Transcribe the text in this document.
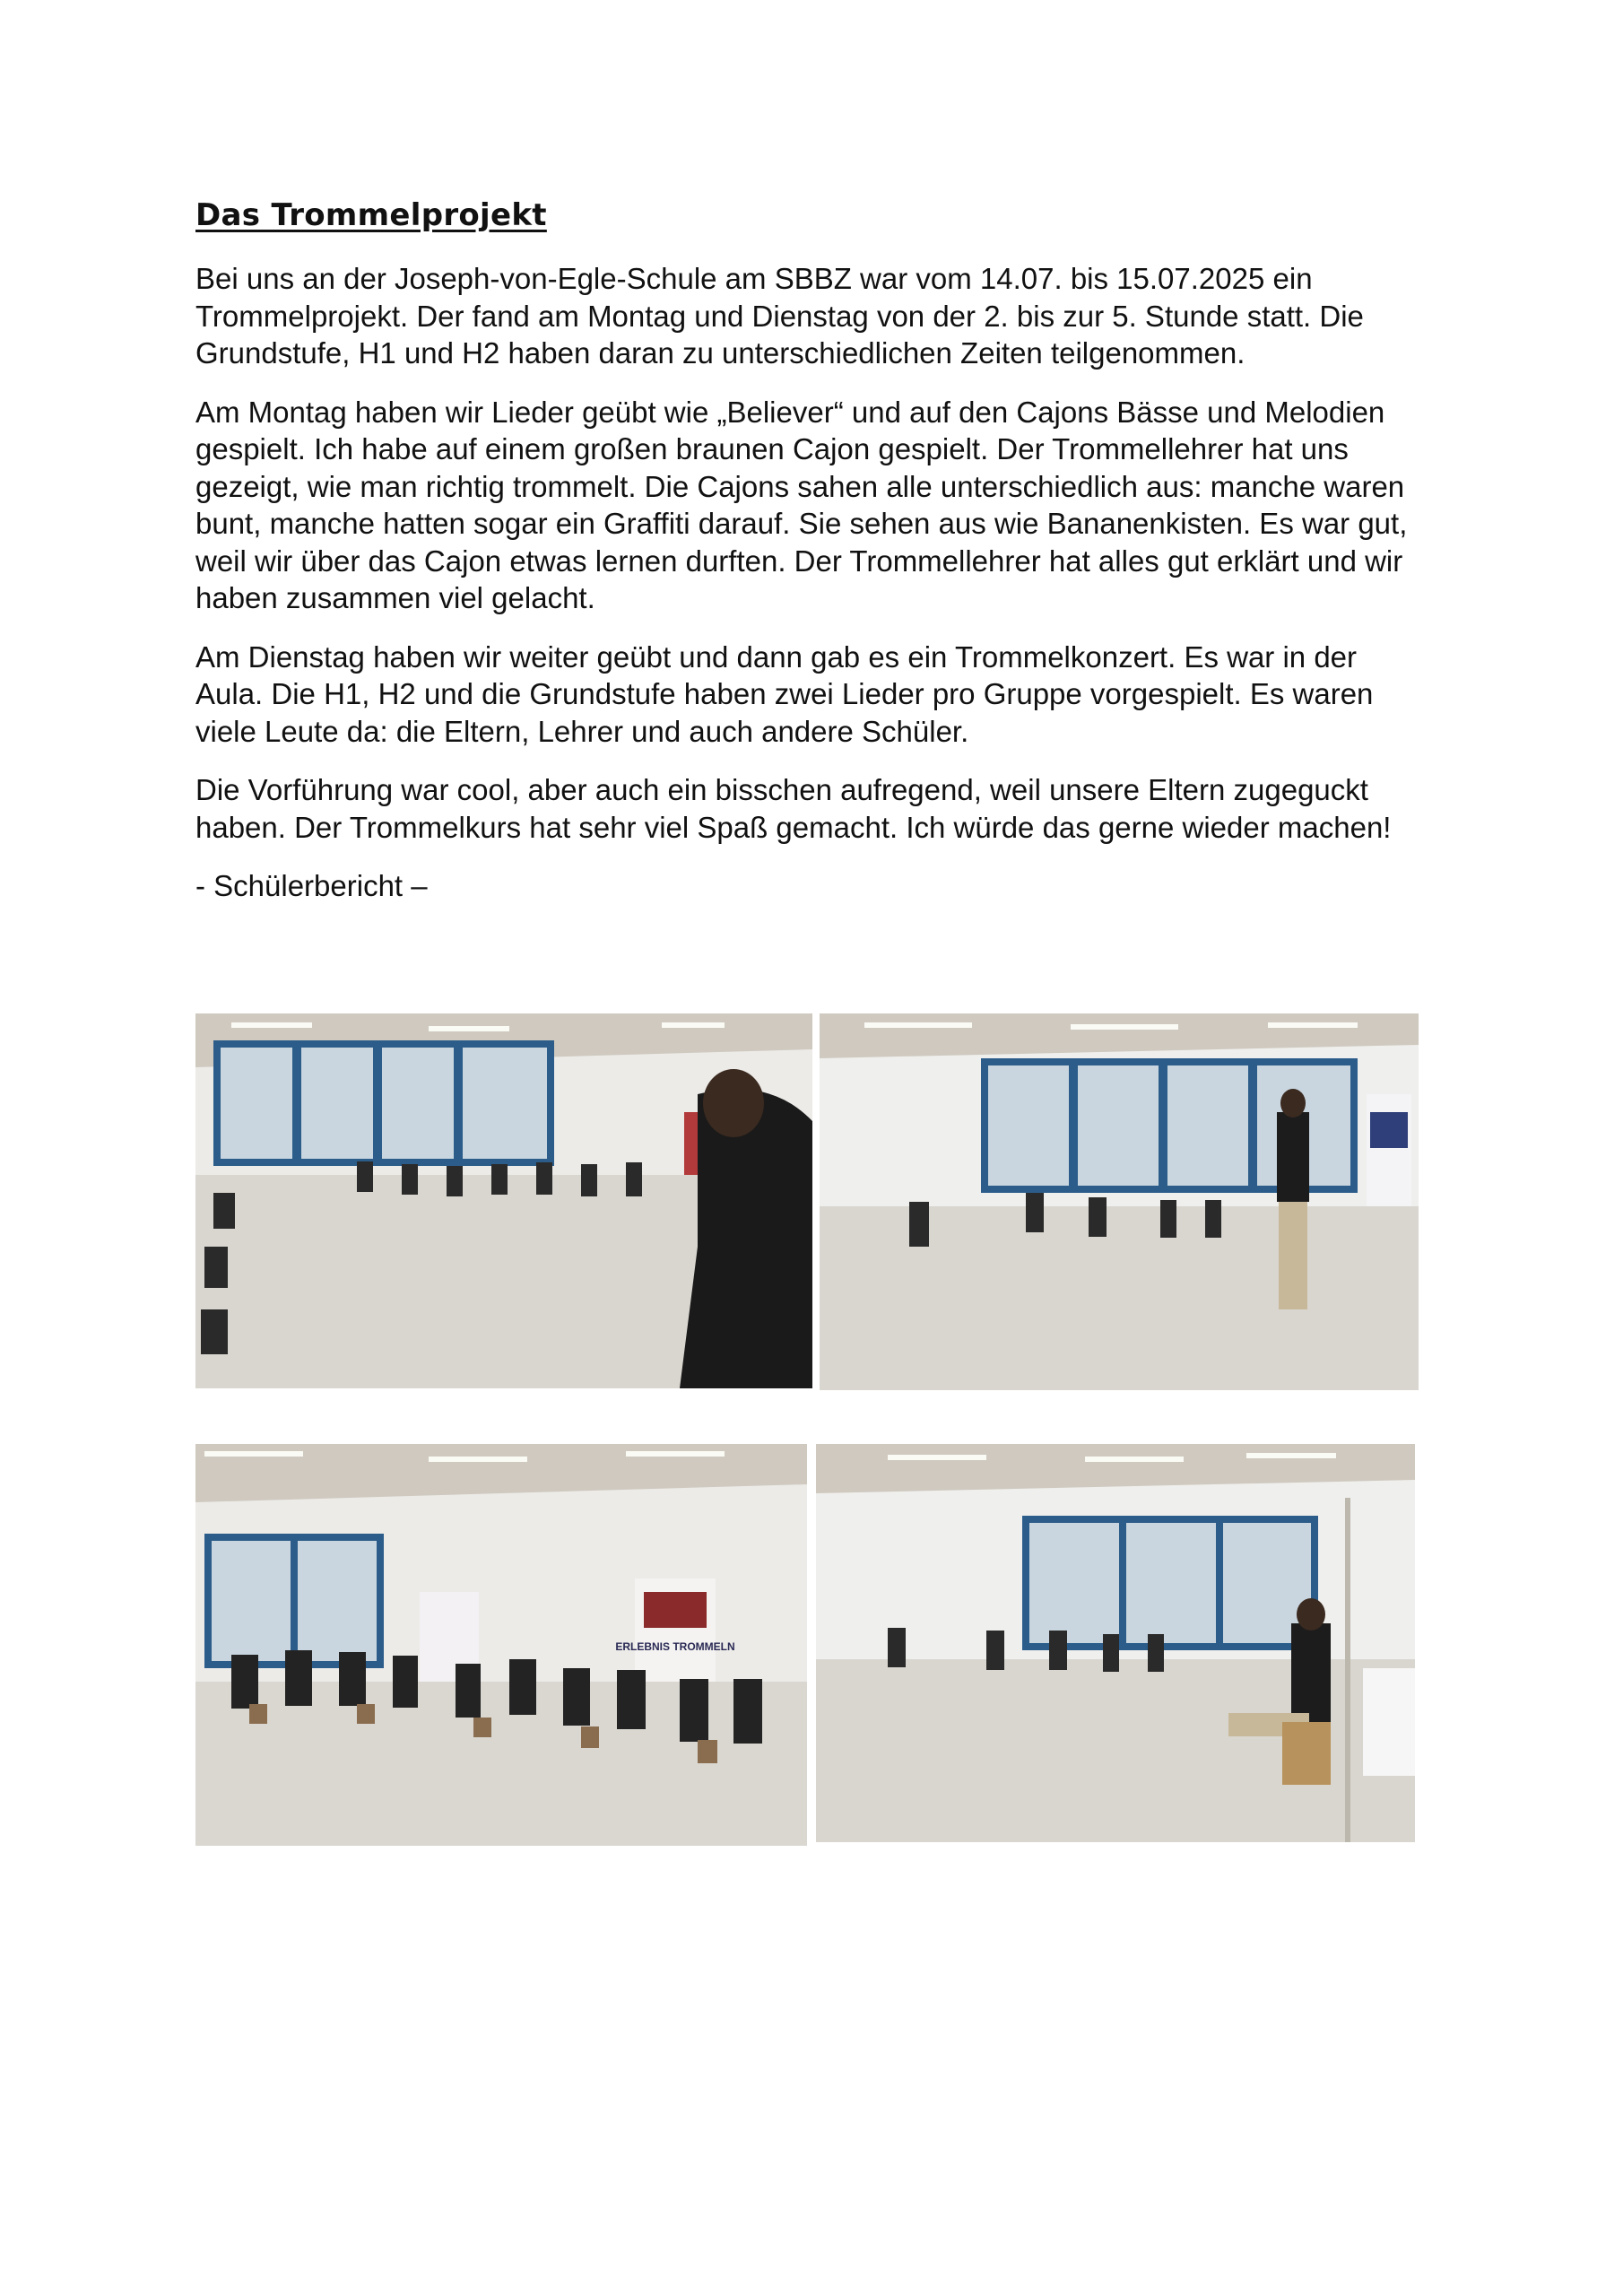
Das Trommelprojekt

Bei uns an der Joseph-von-Egle-Schule am SBBZ war vom 14.07. bis 15.07.2025 ein
Trommelprojekt. Der fand am Montag und Dienstag von der 2. bis zur 5. Stunde statt. Die
Grundstufe, H1 und H2 haben daran zu unterschiedlichen Zeiten teilgenommen.

Am Montag haben wir Lieder geübt wie „Believer“ und auf den Cajons Bässe und Melodien
gespielt. Ich habe auf einem großen braunen Cajon gespielt. Der Trommellehrer hat uns
gezeigt, wie man richtig trommelt. Die Cajons sahen alle unterschiedlich aus: manche waren
bunt, manche hatten sogar ein Graffiti darauf. Sie sehen aus wie Bananenkisten. Es war gut,
weil wir über das Cajon etwas lernen durften. Der Trommellehrer hat alles gut erklärt und wir
haben zusammen viel gelacht.

Am Dienstag haben wir weiter geübt und dann gab es ein Trommelkonzert. Es war in der
Aula. Die H1, H2 und die Grundstufe haben zwei Lieder pro Gruppe vorgespielt. Es waren
viele Leute da: die Eltern, Lehrer und auch andere Schüler.

Die Vorführung war cool, aber auch ein bisschen aufregend, weil unsere Eltern zugeguckt
haben. Der Trommelkurs hat sehr viel Spaß gemacht. Ich würde das gerne wieder machen!

- Schülerbericht –

ERLEBNIS TROMMELN
